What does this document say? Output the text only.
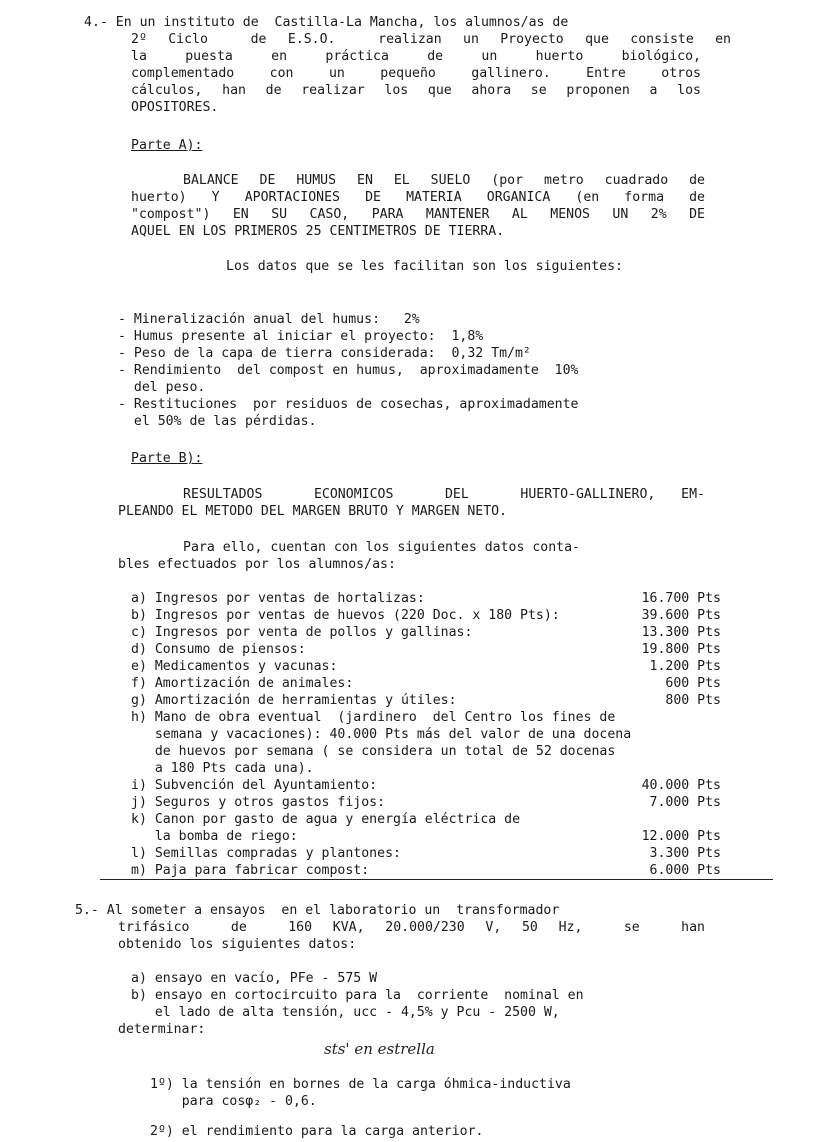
4.- En un instituto de  Castilla-La Mancha, los alumnos/as de
2º Ciclo  de E.S.O.  realizan un Proyecto que consiste en
la puesta en práctica de un huerto biológico,
complementado con un pequeño gallinero. Entre otros
cálculos, han de realizar los que ahora se proponen a los
OPOSITORES.
Parte A):
BALANCE DE HUMUS EN EL SUELO (por metro cuadrado de
huerto) Y APORTACIONES DE MATERIA ORGANICA (en forma de
"compost") EN SU CASO, PARA MANTENER AL MENOS UN 2% DE
AQUEL EN LOS PRIMEROS 25 CENTIMETROS DE TIERRA.
Los datos que se les facilitan son los siguientes:
- Mineralización anual del humus:   2%
- Humus presente al iniciar el proyecto:  1,8%
- Peso de la capa de tierra considerada:  0,32 Tm/m²
- Rendimiento  del compost en humus,  aproximadamente  10%
del peso.
- Restituciones  por residuos de cosechas, aproximadamente
el 50% de las pérdidas.
Parte B):
RESULTADOS  ECONOMICOS  DEL  HUERTO-GALLINERO, EM-
PLEANDO EL METODO DEL MARGEN BRUTO Y MARGEN NETO.
Para ello, cuentan con los siguientes datos conta-
bles efectuados por los alumnos/as:
a) Ingresos por ventas de hortalizas:	16.700 Pts
b) Ingresos por ventas de huevos (220 Doc. x 180 Pts):	39.600 Pts
c) Ingresos por venta de pollos y gallinas:	13.300 Pts
d) Consumo de piensos:	19.800 Pts
e) Medicamentos y vacunas:	1.200 Pts
f) Amortización de animales:	600 Pts
g) Amortización de herramientas y útiles:	800 Pts
h) Mano de obra eventual  (jardinero  del Centro los fines de
semana y vacaciones): 40.000 Pts más del valor de una docena
de huevos por semana ( se considera un total de 52 docenas
a 180 Pts cada una).
i) Subvención del Ayuntamiento:	40.000 Pts
j) Seguros y otros gastos fijos:	7.000 Pts
k) Canon por gasto de agua y energía eléctrica de
la bomba de riego:	12.000 Pts
l) Semillas compradas y plantones:	3.300 Pts
m) Paja para fabricar compost:	6.000 Pts
5.- Al someter a ensayos  en el laboratorio un  transformador
trifásico  de  160 KVA, 20.000/230 V, 50 Hz,  se  han
obtenido los siguientes datos:
a) ensayo en vacío, PFe - 575 W
b) ensayo en cortocircuito para la  corriente  nominal en
el lado de alta tensión, ucc - 4,5% y Pcu - 2500 W,
determinar:
sts' en estrella
1º) la tensión en bornes de la carga óhmica-inductiva
para cosφ₂ - 0,6.
2º) el rendimiento para la carga anterior.
